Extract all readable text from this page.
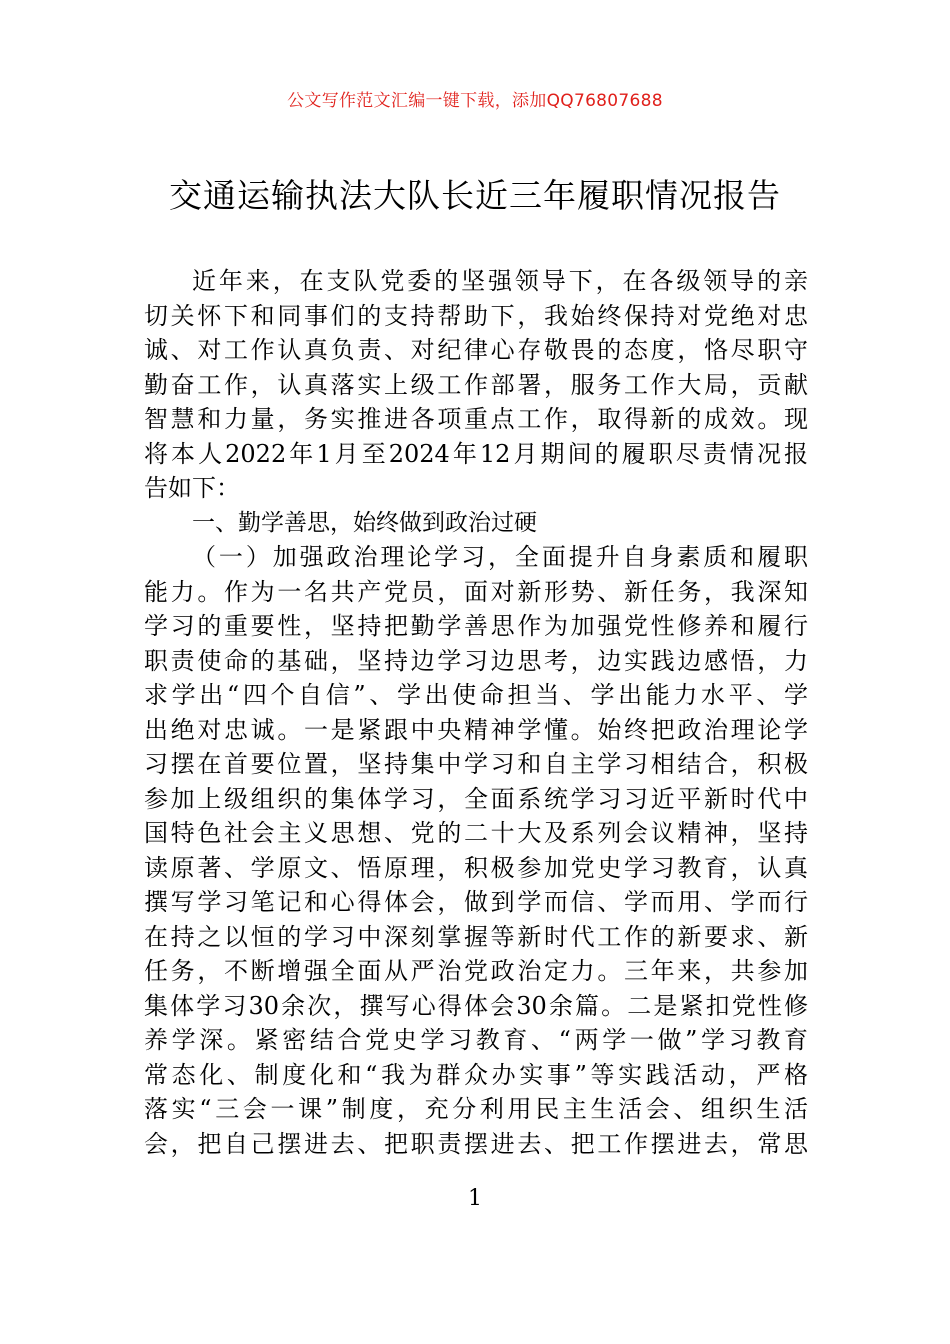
公文写作范文汇编一键下载，添加QQ76807688
交通运输执法大队长近三年履职情况报告
近年来，在支队党委的坚强领导下，在各级领导的亲
切关怀下和同事们的支持帮助下，我始终保持对党绝对忠
诚、对工作认真负责、对纪律心存敬畏的态度，恪尽职守
勤奋工作，认真落实上级工作部署，服务工作大局，贡献
智慧和力量，务实推进各项重点工作，取得新的成效。现
将本人2022年1月至2024年12月期间的履职尽责情况报
告如下：
一、勤学善思，始终做到政治过硬
（一）加强政治理论学习，全面提升自身素质和履职
能力。作为一名共产党员，面对新形势、新任务，我深知
学习的重要性，坚持把勤学善思作为加强党性修养和履行
职责使命的基础，坚持边学习边思考，边实践边感悟，力
求学出“四个自信”、学出使命担当、学出能力水平、学
出绝对忠诚。一是紧跟中央精神学懂。始终把政治理论学
习摆在首要位置，坚持集中学习和自主学习相结合，积极
参加上级组织的集体学习，全面系统学习习近平新时代中
国特色社会主义思想、党的二十大及系列会议精神，坚持
读原著、学原文、悟原理，积极参加党史学习教育，认真
撰写学习笔记和心得体会，做到学而信、学而用、学而行
在持之以恒的学习中深刻掌握等新时代工作的新要求、新
任务，不断增强全面从严治党政治定力。三年来，共参加
集体学习30余次，撰写心得体会30余篇。二是紧扣党性修
养学深。紧密结合党史学习教育、“两学一做”学习教育
常态化、制度化和“我为群众办实事”等实践活动，严格
落实“三会一课”制度，充分利用民主生活会、组织生活
会，把自己摆进去、把职责摆进去、把工作摆进去，常思
1
